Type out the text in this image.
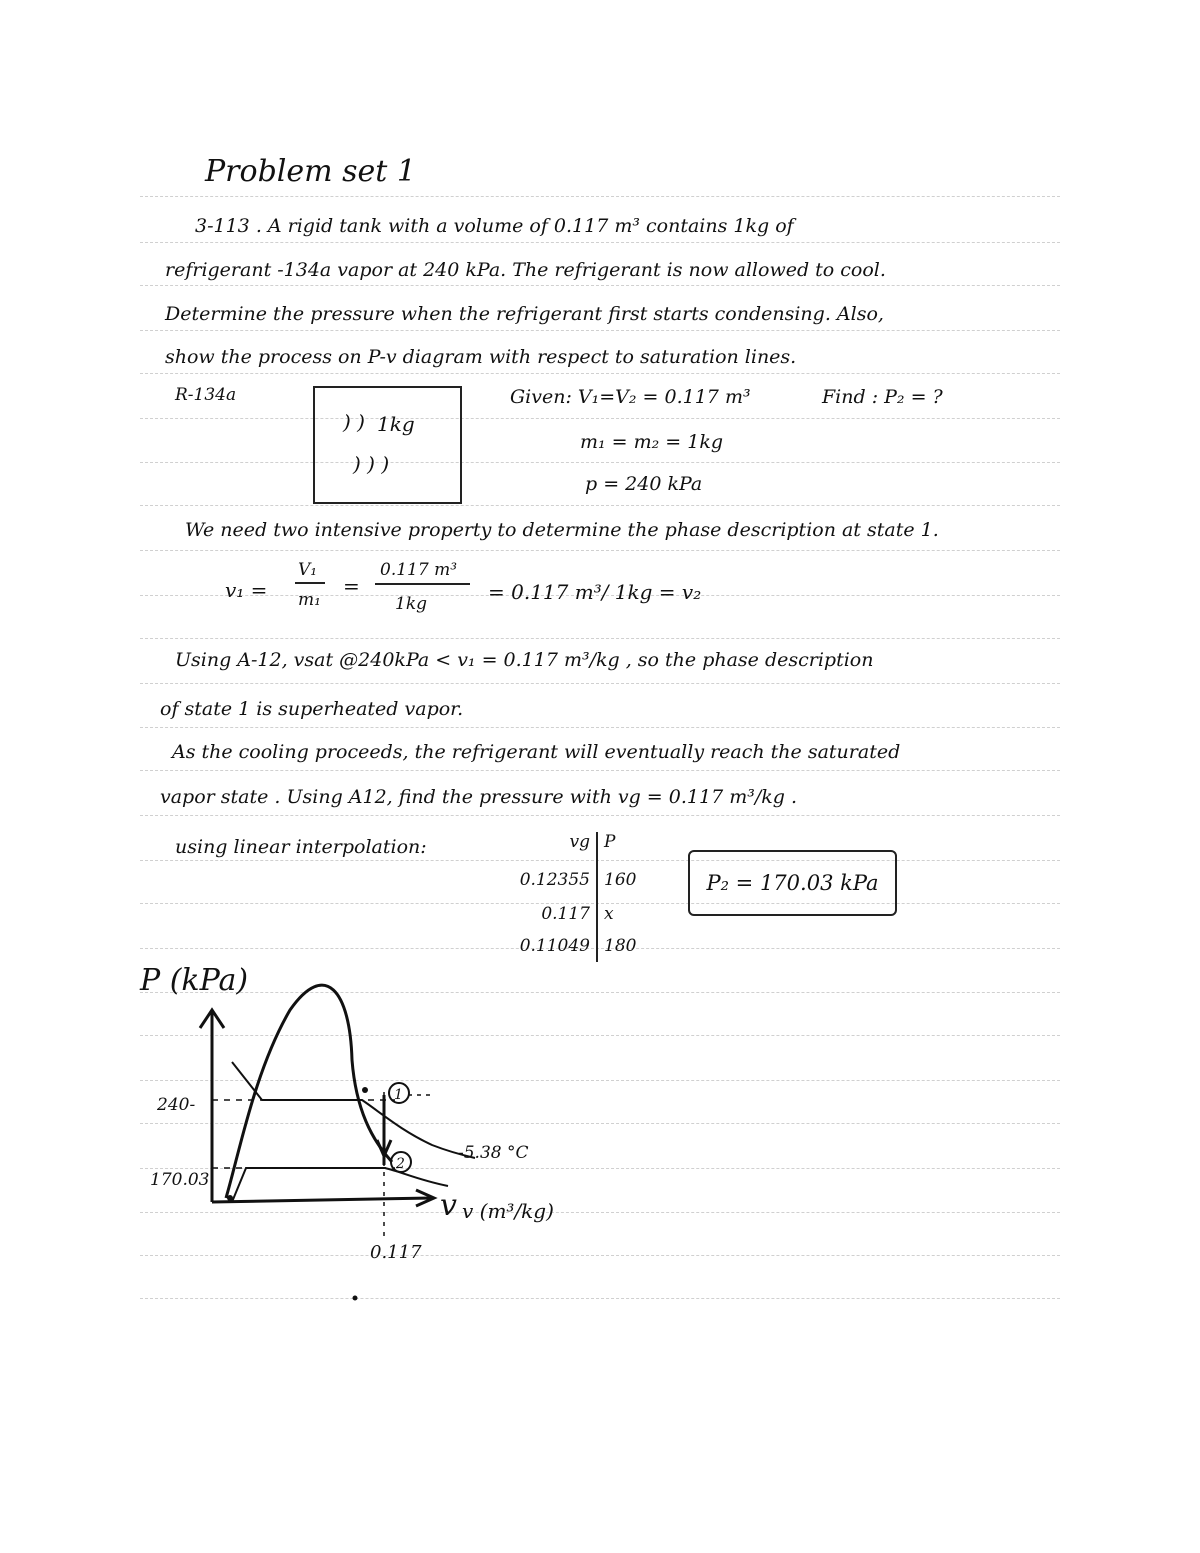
Problem set 1
3-113 . A rigid tank with a volume of 0.117 m³ contains 1kg of
refrigerant -134a vapor at 240 kPa. The refrigerant is now allowed to cool.
Determine the pressure when the refrigerant first starts condensing. Also,
show the process on P-v diagram with respect to saturation lines.
R-134a
) ) 1kg
) ) )
Given: V₁=V₂ = 0.117 m³	Find : P₂ = ?
m₁ = m₂ = 1kg
p = 240 kPa
We need two intensive property to determine the phase description at state 1.
v₁ =
V₁
m₁
=
0.117 m³
1kg	= 0.117 m³/ 1kg = v₂
Using A-12, vsat @240kPa < v₁ = 0.117 m³/kg , so the phase description
of state 1 is superheated vapor.
As the cooling proceeds, the refrigerant will eventually reach the saturated
vapor state . Using A12, find the pressure with vg = 0.117 m³/kg .
using linear interpolation:	vg P
0.12355 160
0.117 x
0.11049 180
P₂ = 170.03 kPa
P (kPa)
v v (m³/kg)
1
2
240-
170.03
0.117
-5.38 °C
